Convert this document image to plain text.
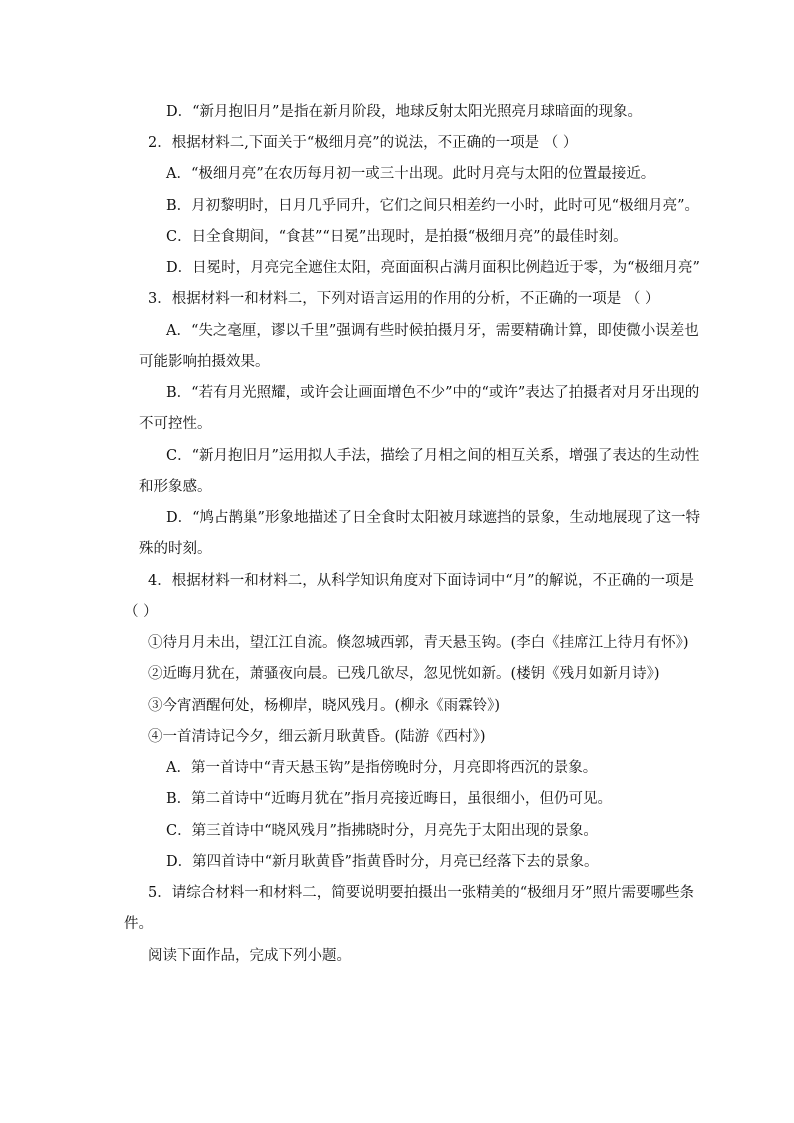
D．“新月抱旧月”是指在新月阶段，地球反射太阳光照亮月球暗面的现象。
2．根据材料二,下面关于“极细月亮”的说法，不正确的一项是 （ ）
A．“极细月亮”在农历每月初一或三十出现。此时月亮与太阳的位置最接近。
B．月初黎明时，日月几乎同升，它们之间只相差约一小时，此时可见“极细月亮”。
C．日全食期间，“食甚”“日冕”出现时，是拍摄“极细月亮”的最佳时刻。
D．日冕时，月亮完全遮住太阳，亮面面积占满月面积比例趋近于零，为“极细月亮”
3．根据材料一和材料二，下列对语言运用的作用的分析，不正确的一项是 （ ）
A．“失之毫厘，谬以千里”强调有些时候拍摄月牙，需要精确计算，即使微小误差也
可能影响拍摄效果。
B．“若有月光照耀，或许会让画面增色不少”中的“或许”表达了拍摄者对月牙出现的
不可控性。
C．“新月抱旧月”运用拟人手法，描绘了月相之间的相互关系，增强了表达的生动性
和形象感。
D．“鸠占鹊巢”形象地描述了日全食时太阳被月球遮挡的景象，生动地展现了这一特
殊的时刻。
4．根据材料一和材料二，从科学知识角度对下面诗词中“月”的解说，不正确的一项是
（ ）
①待月月未出，望江江自流。倏忽城西郭，青天悬玉钩。(李白《挂席江上待月有怀》)
②近晦月犹在，萧骚夜向晨。已残几欲尽，忽见恍如新。(楼钥《残月如新月诗》)
③今宵酒醒何处，杨柳岸，晓风残月。(柳永《雨霖铃》)
④一首清诗记今夕，细云新月耿黄昏。(陆游《西村》)
A．第一首诗中“青天悬玉钩”是指傍晚时分，月亮即将西沉的景象。
B．第二首诗中“近晦月犹在”指月亮接近晦日，虽很细小，但仍可见。
C．第三首诗中“晓风残月”指拂晓时分，月亮先于太阳出现的景象。
D．第四首诗中“新月耿黄昏”指黄昏时分，月亮已经落下去的景象。
5．请综合材料一和材料二，简要说明要拍摄出一张精美的“极细月牙”照片需要哪些条
件。
阅读下面作品，完成下列小题。
